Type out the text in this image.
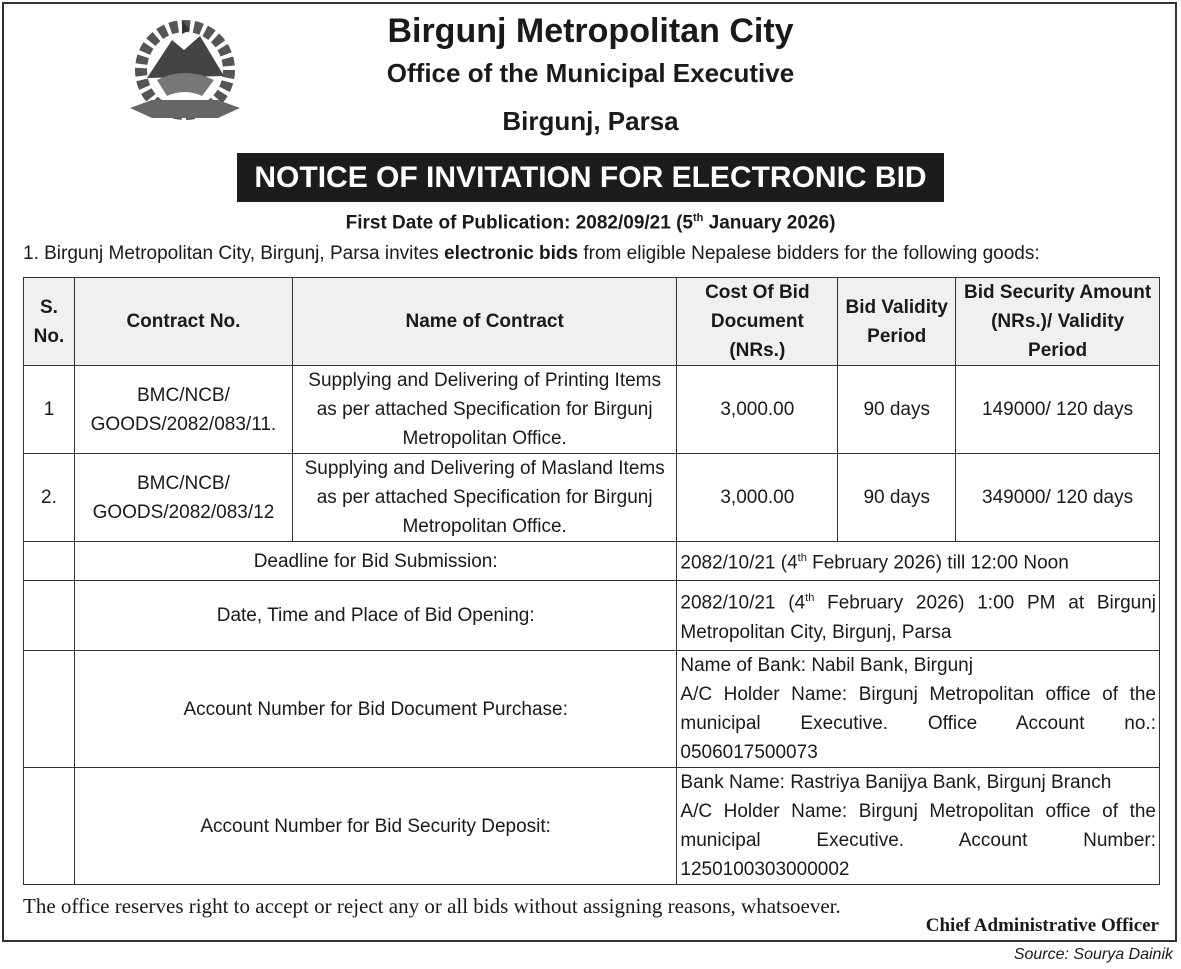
Birgunj Metropolitan City
Office of the Municipal Executive
Birgunj, Parsa
NOTICE OF INVITATION FOR ELECTRONIC BID
First Date of Publication: 2082/09/21 (5th January 2026)
1. Birgunj Metropolitan City, Birgunj, Parsa invites electronic bids from eligible Nepalese bidders for the following goods:
S. No.	Contract No.	Name of Contract	Cost Of Bid Document (NRs.)	Bid Validity Period	Bid Security Amount (NRs.)/ Validity Period
1	BMC/NCB/ GOODS/2082/083/11.	Supplying and Delivering of Printing Items as per attached Specification for Birgunj Metropolitan Office.	3,000.00	90 days	149000/ 120 days
2.	BMC/NCB/ GOODS/2082/083/12	Supplying and Delivering of Masland Items as per attached Specification for Birgunj Metropolitan Office.	3,000.00	90 days	349000/ 120 days
	Deadline for Bid Submission:		2082/10/21 (4th February 2026) till 12:00 Noon		
	Date, Time and Place of Bid Opening:		2082/10/21 (4th February 2026) 1:00 PM at Birgunj Metropolitan City, Birgunj, Parsa		
	Account Number for Bid Document Purchase:		Name of Bank: Nabil Bank, Birgunj
A/C Holder Name: Birgunj Metropolitan office of the municipal Executive. Office Account no.: 0506017500073		

	Account Number for Bid Security Deposit:		Bank Name: Rastriya Banijya Bank, Birgunj Branch
A/C Holder Name: Birgunj Metropolitan office of the municipal Executive. Account Number: 1250100303000002		
The office reserves right to accept or reject any or all bids without assigning reasons, whatsoever.
Chief Administrative Officer
Source: Sourya Dainik
